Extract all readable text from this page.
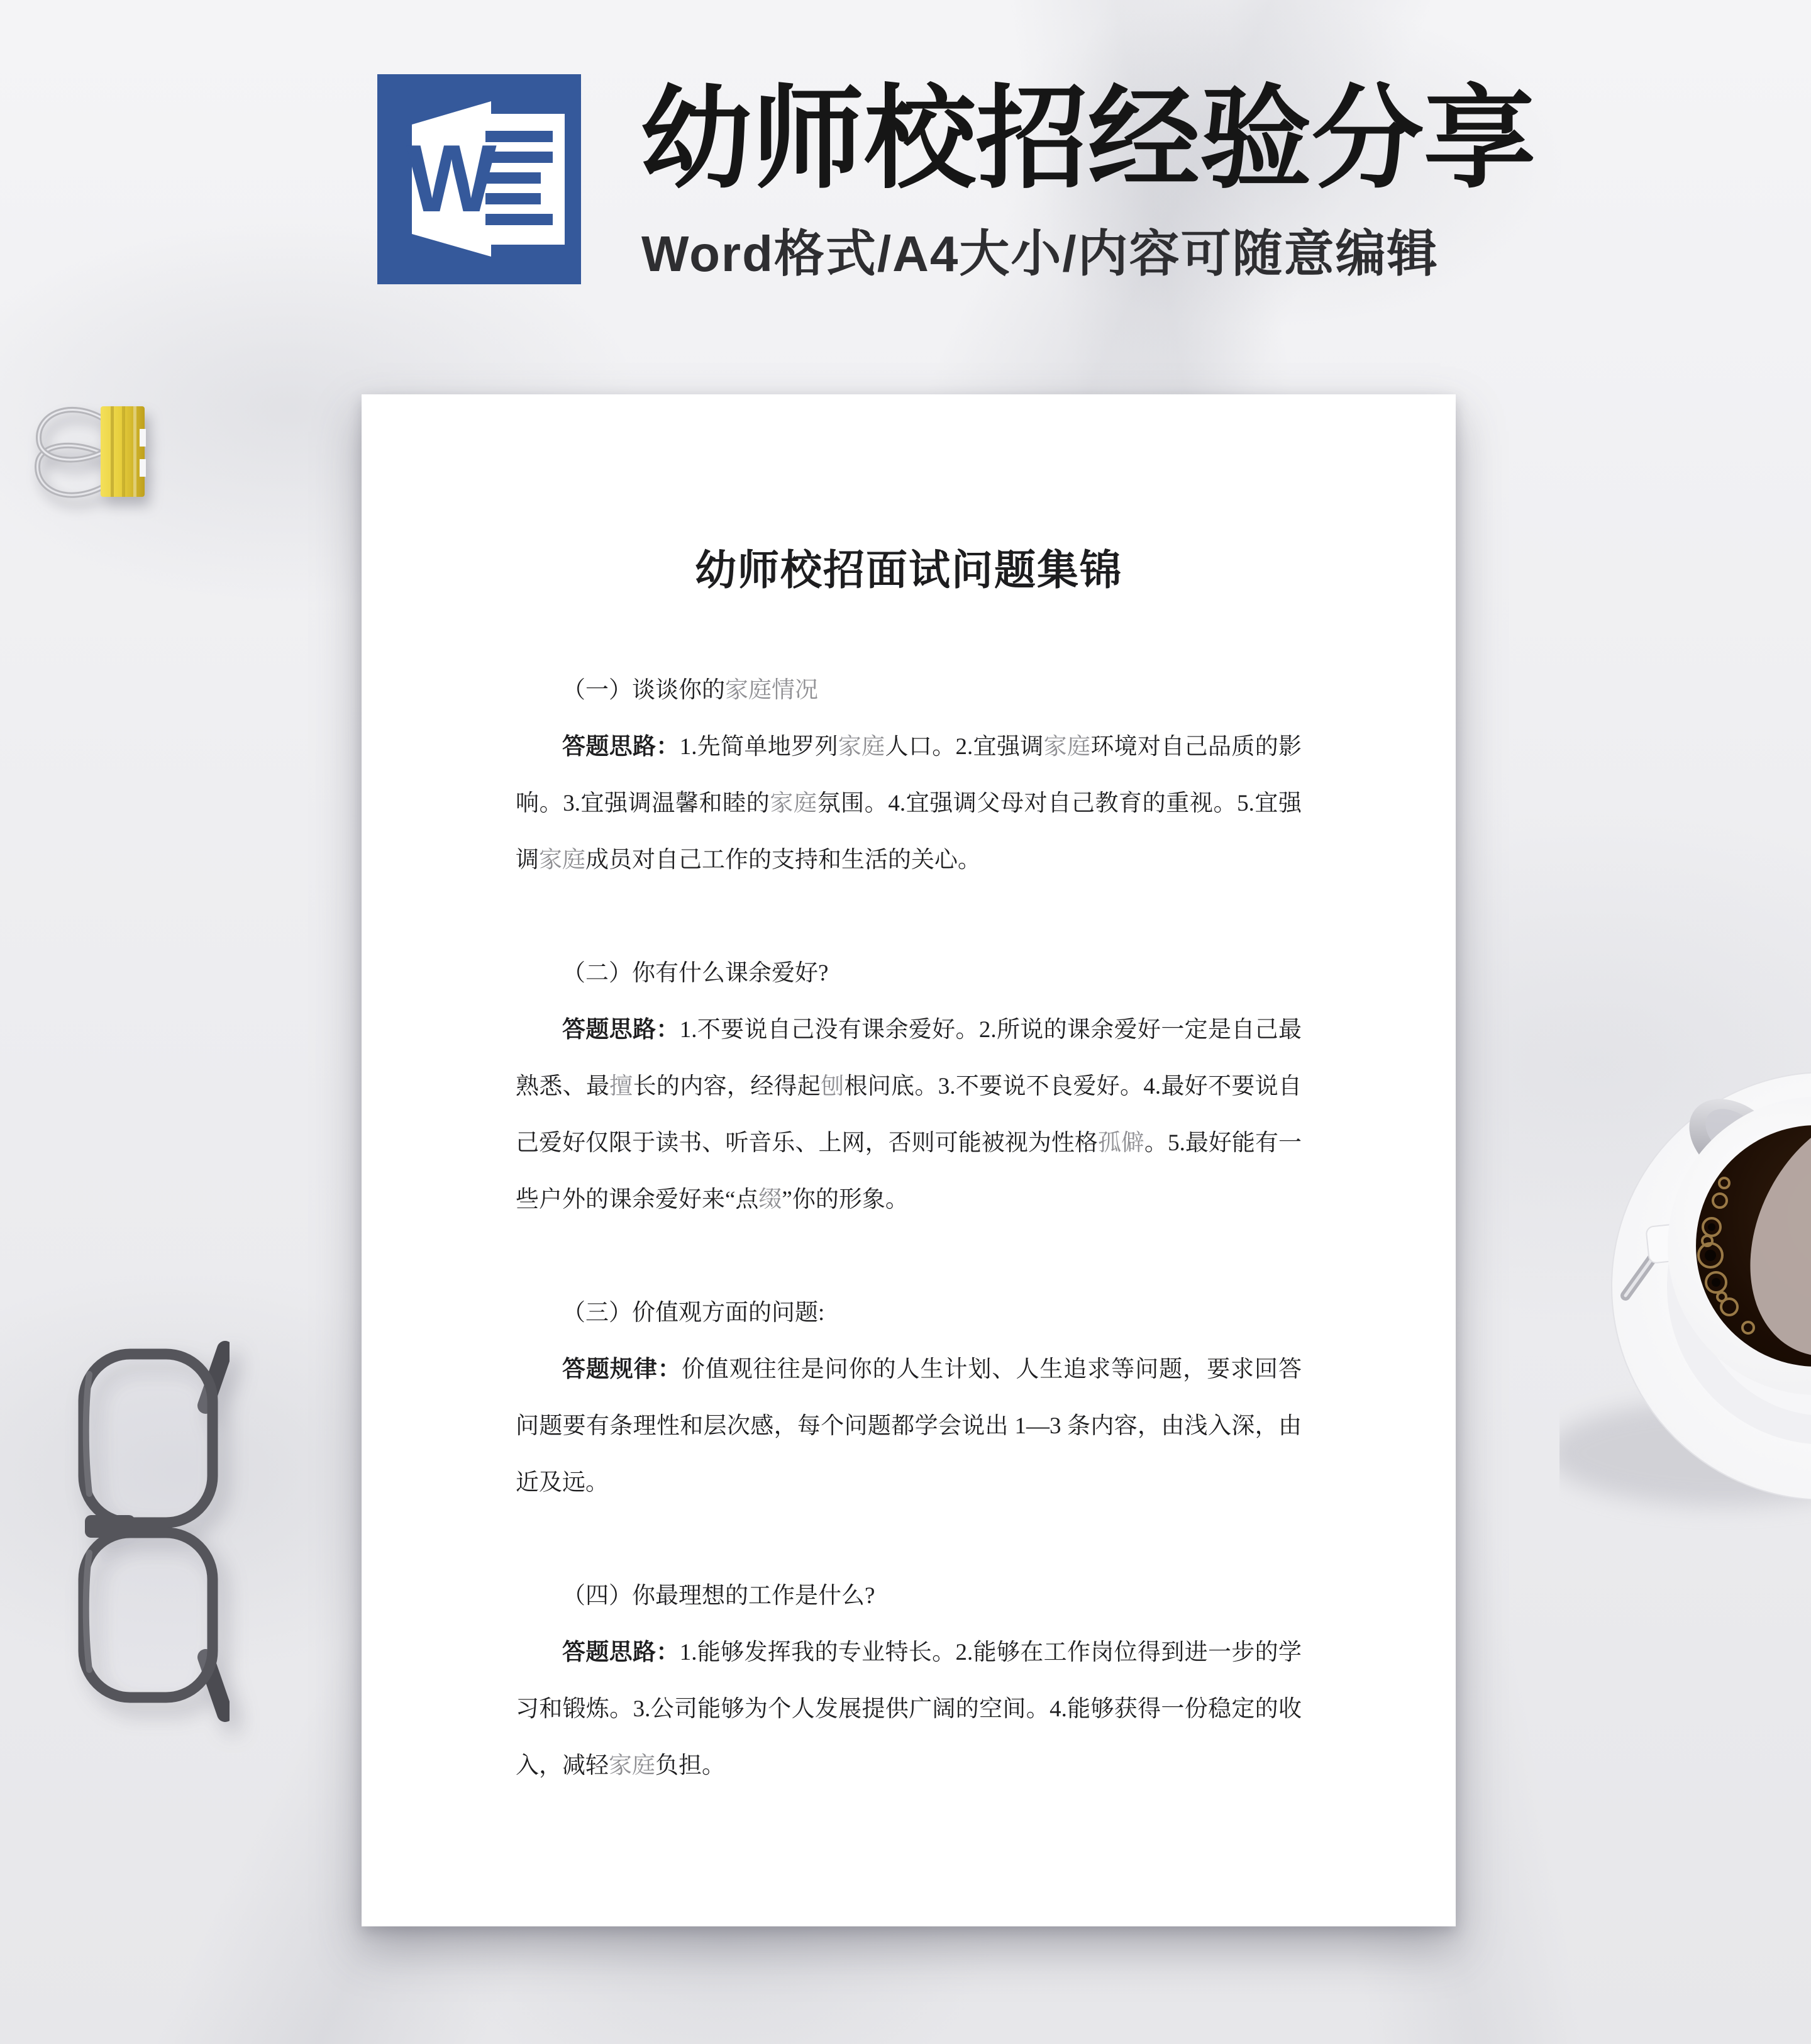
W 幼师校招经验分享
Word格式/A4大小/内容可随意编辑
幼师校招面试问题集锦
（一）谈谈你的家庭情况
答题思路：1.先简单地罗列家庭人口。2.宜强调家庭环境对自己品质的影响。3.宜强调温馨和睦的家庭氛围。4.宜强调父母对自己教育的重视。5.宜强调家庭成员对自己工作的支持和生活的关心。
（二）你有什么课余爱好?
答题思路：1.不要说自己没有课余爱好。2.所说的课余爱好一定是自己最熟悉、最擅长的内容，经得起刨根问底。3.不要说不良爱好。4.最好不要说自己爱好仅限于读书、听音乐、上网，否则可能被视为性格孤僻。5.最好能有一些户外的课余爱好来“点缀”你的形象。
（三）价值观方面的问题:
答题规律：价值观往往是问你的人生计划、人生追求等问题，要求回答问题要有条理性和层次感，每个问题都学会说出 1—3 条内容，由浅入深，由近及远。
（四）你最理想的工作是什么?
答题思路：1.能够发挥我的专业特长。2.能够在工作岗位得到进一步的学习和锻炼。3.公司能够为个人发展提供广阔的空间。4.能够获得一份稳定的收入，减轻家庭负担。
